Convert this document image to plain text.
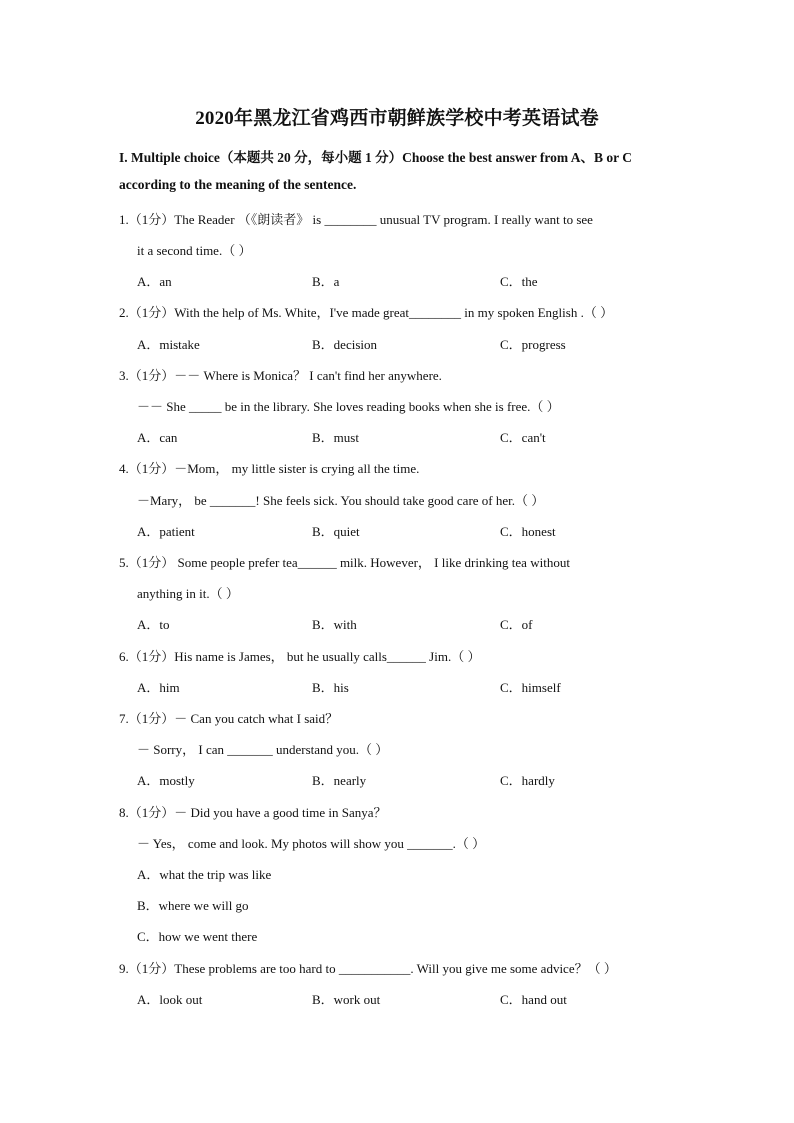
2020年黑龙江省鸡西市朝鲜族学校中考英语试卷
I. Multiple choice（本题共 20 分，每小题 1 分）Choose the best answer from A、B or C
according to the meaning of the sentence.
1.（1分）The Reader （《朗读者》 is ________ unusual TV program. I really want to see
it a second time.（ ）
A．an	B．a	C．the
2.（1分）With the help of Ms. White，I've made great________ in my spoken English .（ ）
A．mistake	B．decision	C．progress
3.（1分）－－ Where is Monica？ I can't find her anywhere.
－－ She _____ be in the library. She loves reading books when she is free.（ ）
A．can	B．must	C．can't
4.（1分）－Mom， my little sister is crying all the time.
－Mary， be _______! She feels sick. You should take good care of her.（ ）
A．patient	B．quiet	C．honest
5.（1分） Some people prefer tea______ milk. However， I like drinking tea without
anything in it.（ ）
A．to	B．with	C．of
6.（1分）His name is James， but he usually calls______ Jim.（ ）
A．him	B．his	C．himself
7.（1分）－ Can you catch what I said？
－ Sorry， I can _______ understand you.（ ）
A．mostly	B．nearly	C．hardly
8.（1分）－ Did you have a good time in Sanya？
－ Yes， come and look. My photos will show you _______.（ ）
A．what the trip was like
B．where we will go
C．how we went there
9.（1分）These problems are too hard to ___________. Will you give me some advice？（ ）
A．look out	B．work out	C．hand out
